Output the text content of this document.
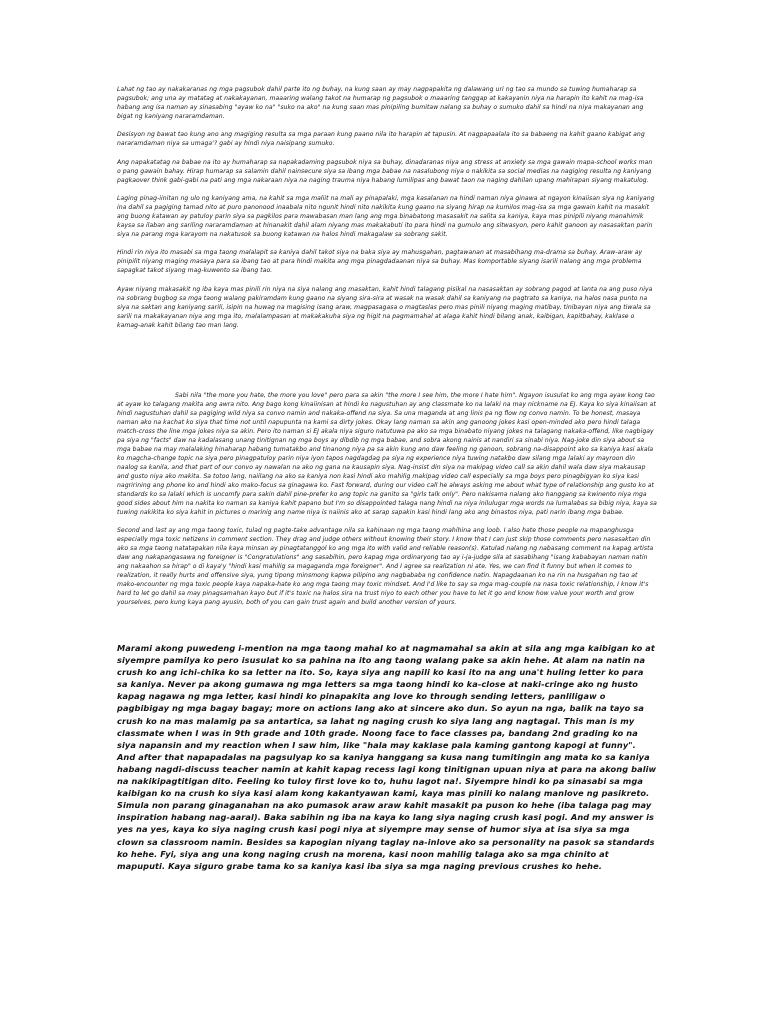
Lahat ng tao ay nakakaranas ng mga pagsubok dahil parte ito ng buhay, na kung saan ay may nagpapakita ng dalawang uri ng tao sa mundo sa tuwing humaharap sa pagsubok; ang una ay matatag at nakakayanan, maaaring walang takot na humarap ng pagsubok o maaaring tanggap at kakayanin niya na harapin ito kahit na mag-isa habang ang isa naman ay sinasabing "ayaw ko na" "suko na ako" na kung saan mas pinipiling bumitaw nalang sa buhay o sumuko dahil sa hindi na niya makayanan ang bigat ng kaniyang nararamdaman.

Desisyon ng bawat tao kung ano ang magiging resulta sa mga paraan kung paano nila ito harapin at tapusin. At nagpapaalala ito sa babaeng na kahit gaano kabigat ang nararamdaman niya sa umaga'? gabi ay hindi niya naisipang sumuko.

Ang napakatatag na babae na ito ay humaharap sa napakadaming pagsubok niya sa buhay, dinadaranas niya ang stress at anxiety sa mga gawain mapa-school works man o pang gawain bahay. Hirap humarap sa salamin dahil nainsecure siya sa ibang mga babae na nasalubong niya o nakikita sa social medias na nagiging resulta ng kaniyang pagkaover think gabi-gabi na pati ang mga nakaraan niya na naging trauma niya habang lumilipas ang bawat taon na naging dahilan upang mahirapan siyang makatulog.

Laging pinag-iinitan ng ulo ng kaniyang ama, na kahit sa mga maliit na mali ay pinapalaki, mga kasalanan na hindi naman niya ginawa at ngayon kinaiisan siya ng kaniyang ina dahil sa pagiging tamad nito at puro panonood inaabala nito ngunit hindi nito nakikita kung gaano na siyang hirap na kumilos mag-isa sa mga gawain kahit na masakit ang buong katawan ay patuloy parin siya sa pagkilos para mawabasan man lang ang mga binabatong masasakit na salita sa kaniya, kaya mas pinipili niyang manahimik kaysa sa ilaban ang sariling nararamdaman at hinanakit dahil alam niyang mas makakabuti ito para hindi na gumulo ang sitwasyon, pero kahit ganoon ay nasasaktan parin siya na parang mga karayom na nakatusok sa buong katawan na halos hindi makagalaw sa sobrang sakit.

Hindi rin niya ito masabi sa mga taong malalapit sa kaniya dahil takot siya na baka siya ay mahusgahan, pagtawanan at masabihang ma-drama sa buhay. Araw-araw ay pinipilit niyang maging masaya para sa ibang tao at para hindi makita ang mga pinagdadaanan niya sa buhay. Mas komportable siyang isarili nalang ang mga problema sapagkat takot siyang mag-kuwento sa ibang tao.

Ayaw niyang makasakit ng iba kaya mas pinili rin niya na siya nalang ang masaktan, kahit hindi talagang pisikal na nasasaktan ay sobrang pagod at lanta na ang puso niya na sobrang bugbog sa mga taong walang pakiramdam kung gaano na siyang sira-sira at wasak na wasak dahil sa kaniyang na pagtrato sa kaniya, na halos nasa punto na siya na saktan ang kaniyang sarili, isipin na huwag na magising isang araw, magpasagasa o magtaslas pero mas pinili niyang maging matibay, tinibayan niya ang tiwala sa sarili na makakayanan niya ang mga ito, malalampasan at makakakuha siya ng higit na pagmamahal at alaga kahit hindi bilang anak, kaibigan, kapitbahay, kaklase o kamag-anak kahit bilang tao man lang.

Sabi nila "the more you hate, the more you love" pero para sa akin "the more I see him, the more I hate him". Ngayon isusulat ko ang mga ayaw kong tao at ayaw ko talagang makita ang awra nito. Ang bago kong kinaiinisan at hindi ko nagustuhan ay ang classmate ko na lalaki na may nickname na EJ. Kaya ko siya kinaiisan at hindi nagustuhan dahil sa pagiging wild niya sa convo namin and nakaka-offend na siya. Sa una maganda at ang linis pa ng flow ng convo namin. To be honest, masaya naman ako na kachat ko siya that time not until napupunta na kami sa dirty jokes. Okay lang naman sa akin ang ganoong jokes kasi open-minded ako pero hindi talaga match-cross the line mga jokes niya sa akin. Pero ito naman si EJ akala niya siguro natutuwa pa ako sa mga binabato niyang jokes na talagang nakaka-offend, like nagbigay pa siya ng "facts" daw na kadalasang unang tinitignan ng mga boys ay dibdib ng mga babae, and sobra akong nainis at nandiri sa sinabi niya. Nag-joke din siya about sa mga babae na may malalaking hinaharap habang tumatakbo and tinanong niya pa sa akin kung ano daw feeling ng ganoon, sobrang na-disappoint ako sa kaniya kasi akala ko magcha-change topic na siya pero pinagpatuloy parin niya iyon tapos nagdagdag pa siya ng experience niya tuwing natakbo daw silang mga lalaki ay mayroon din naalog sa kanila, and that part of our convo ay nawalan na ako ng gana na kausapin siya. Nag-insist din siya na makipag video call sa akin dahil wala daw siya makausap and gusto niya ako makita. Sa totoo lang, naiilang na ako sa kaniya non kasi hindi ako mahilig makipag video call especially sa mga boys pero pinagbigyan ko siya kasi nagririning ang phone ko and hindi ako mako-focus sa ginagawa ko. Fast forward, during our video call he always asking me about what type of relationship ang gusto ko at standards ko sa lalaki which is uncomfy para sakin dahil pine-prefer ko ang topic na ganito sa "girls talk only". Pero nakisama nalang ako hanggang sa kwinento niya mga good sides about him na nakita ko naman sa kaniya kahit papano but I'm so disappointed talaga nang hindi na niya inilulugar mga words na lumalabas sa bibig niya, kaya sa tuwing nakikita ko siya kahit in pictures o marinig ang name niya is naiinis ako at sarap sapakin kasi hindi lang ako ang binastos niya, pati narin ibang mga babae.

Second and last ay ang mga taong toxic, tulad ng pagte-take advantage nila sa kahinaan ng mga taong mahihina ang loob. I also hate those people na mapanghusga especially mga toxic netizens in comment section. They drag and judge others without knowing their story. I know that I can just skip those comments pero nasasaktan din ako sa mga taong natatapakan nila kaya minsan ay pinagtatanggol ko ang mga ito with valid and reliable reason(s). Katulad nalang ng nabasang comment na kapag artista daw ang nakapangasawa ng foreigner is "Congratulations" ang sasabihin, pero kapag mga ordinaryong tao ay i-ja-judge sila at sasabihang "isang kababayan naman natin ang nakaahon sa hirap" o di kaya'y "hindi kasi mahilig sa magaganda mga foreigner". And I agree sa realization ni ate. Yes, we can find it funny but when it comes to realization, it really hurts and offensive siya, yung tipong minsmong kapwa pilipino ang nagbababa ng confidence natin. Napagdaanan ko na rin na husgahan ng tao at mako-encounter ng mga toxic people kaya napaka-hate ko ang mga taong may toxic mindset. And I'd like to say sa mga mag-couple na nasa toxic relationship, I know it's hard to let go dahil sa may pinagsamahan kayo but if it's toxic na halos sira na trust niyo to each other you have to let it go and know how value your worth and grow yourselves, pero kung kaya pang ayusin, both of you can gain trust again and build another version of yours.

Marami akong puwedeng i-mention na mga taong mahal ko at nagmamahal sa akin at sila ang mga kaibigan ko at siyempre pamilya ko pero isusulat ko sa pahina na ito ang taong walang pake sa akin hehe. At alam na natin na crush ko ang ichi-chika ko sa letter na ito. So, kaya siya ang napili ko kasi ito na ang una't huling letter ko para sa kaniya. Never pa akong gumawa ng mga letters sa mga taong hindi ko ka-close at naki-cringe ako ng husto kapag nagawa ng mga letter, kasi hindi ko pinapakita ang love ko through sending letters, panliligaw o pagbibigay ng mga bagay bagay; more on actions lang ako at sincere ako dun. So ayun na nga, balik na tayo sa crush ko na mas malamig pa sa antartica, sa lahat ng naging crush ko siya lang ang nagtagal. This man is my classmate when I was in 9th grade and 10th grade. Noong face to face classes pa, bandang 2nd grading ko na siya napansin and my reaction when I saw him, like "hala may kaklase pala kaming gantong kapogi at funny". And after that napapadalas na pagsulyap ko sa kaniya hanggang sa kusa nang tumitingin ang mata ko sa kaniya habang nagdi-discuss teacher namin at kahit kapag recess lagi kong tinitignan upuan niya at para na akong baliw na nakikipagtitigan dito. Feeling ko tuloy first love ko to, huhu lagot na!. Siyempre hindi ko pa sinasabi sa mga kaibigan ko na crush ko siya kasi alam kong kakantyawan kami, kaya mas pinili ko nalang manlove ng pasikreto. Simula non parang ginaganahan na ako pumasok araw araw kahit masakit pa puson ko hehe (iba talaga pag may inspiration habang nag-aaral). Baka sabihin ng iba na kaya ko lang siya naging crush kasi pogi. And my answer is yes na yes, kaya ko siya naging crush kasi pogi niya at siyempre may sense of humor siya at isa siya sa mga clown sa classroom namin. Besides sa kapogian niyang taglay na-inlove ako sa personality na pasok sa standards ko hehe. Fyi, siya ang una kong naging crush na morena, kasi noon mahilig talaga ako sa mga chinito at mapuputi. Kaya siguro grabe tama ko sa kaniya kasi iba siya sa mga naging previous crushes ko hehe.
